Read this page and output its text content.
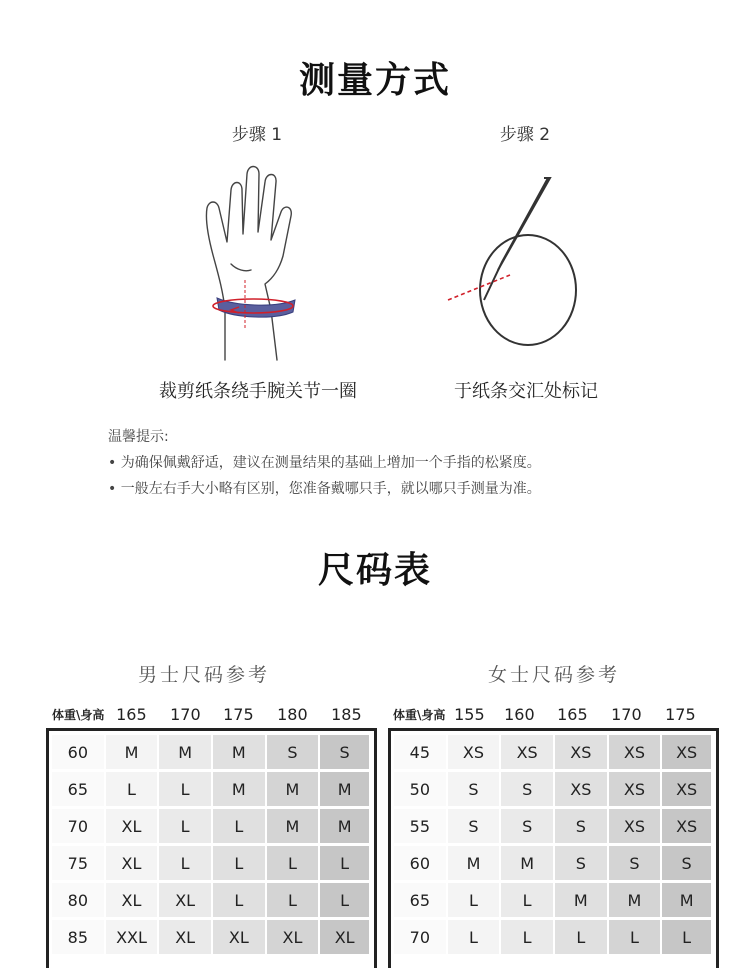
测量方式
步骤 1	步骤 2
裁剪纸条绕手腕关节一圈	于纸条交汇处标记
温馨提示:
• 为确保佩戴舒适，建议在测量结果的基础上增加一个手指的松紧度。
• 一般左右手大小略有区别，您准备戴哪只手，就以哪只手测量为准。
尺码表
男士尺码参考	女士尺码参考
体重\身高 165	170	175	180	185	体重\身高 155	160	165	170	175
60	M	M	M	S	S
65	L	L	M	M	M
70	XL	L	L	M	M
75	XL	L	L	L	L
80	XL	XL	L	L	L
85	XXL	XL	XL	XL	XL
45	XS	XS	XS	XS	XS
50	S	S	XS	XS	XS
55	S	S	S	XS	XS
60	M	M	S	S	S
65	L	L	M	M	M
70	L	L	L	L	L
